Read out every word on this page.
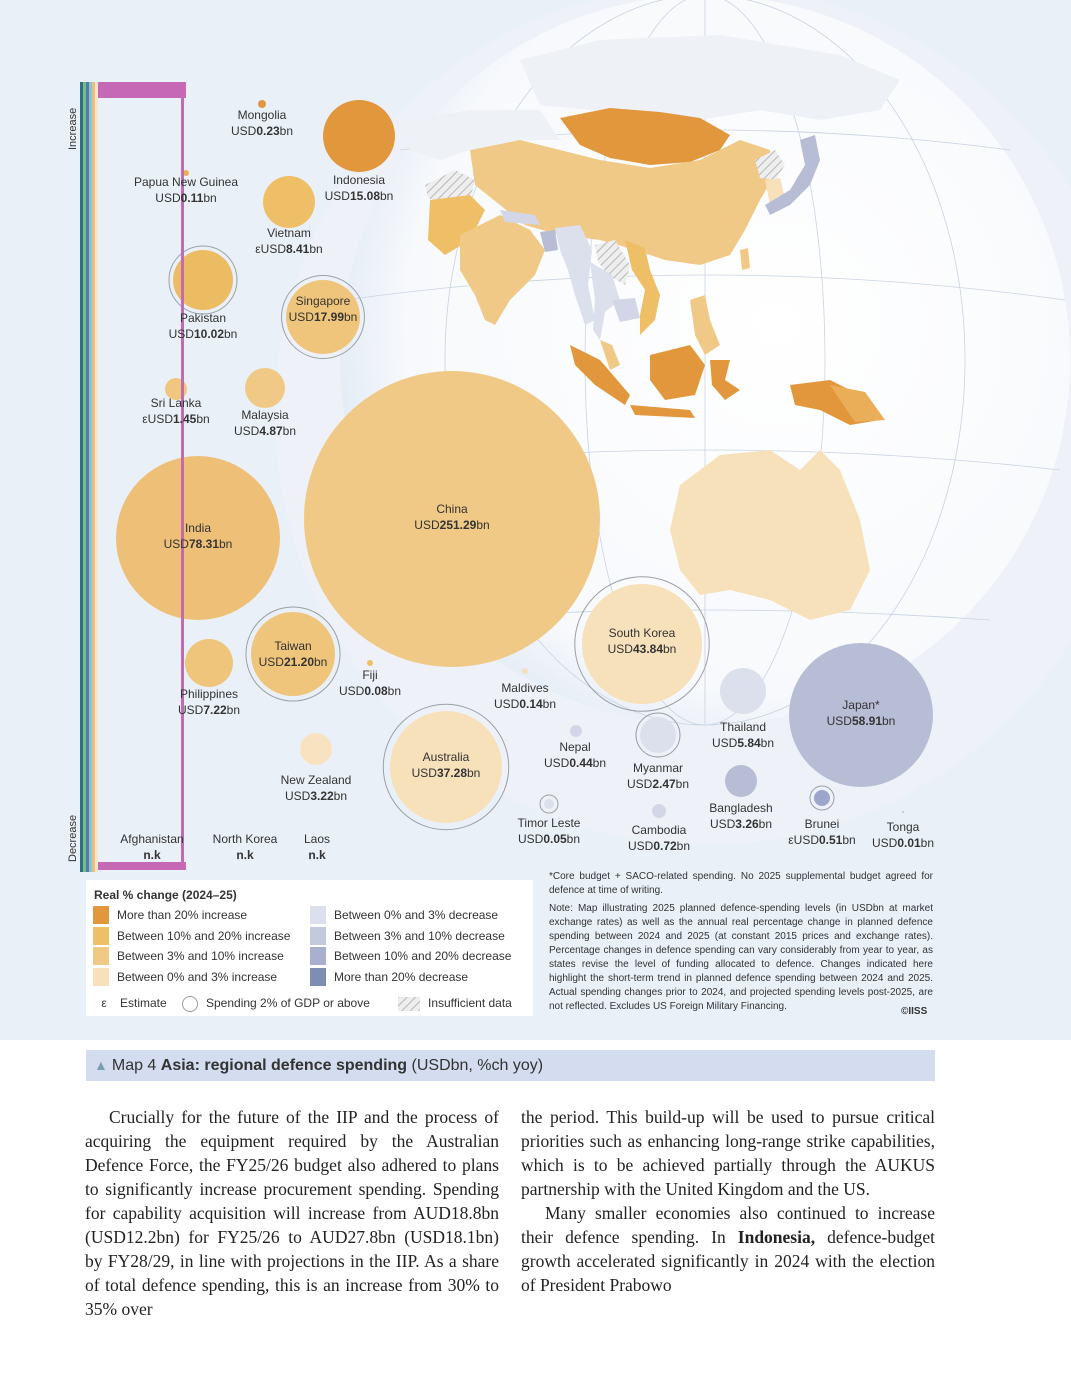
Increase
Decrease
Mongolia
USD0.23bn
Indonesia
USD15.08bn
Papua New Guinea
USD0.11bn
Vietnam
εUSD8.41bn
Pakistan
USD10.02bn
Singapore
USD17.99bn
Sri Lanka
εUSD1.45bn	Malaysia
USD4.87bn
China
USD251.29bn
India
USD78.31bn
Taiwan
USD21.20bn
Philippines
USD7.22bn
Fiji
USD0.08bn	Maldives
USD0.14bn
South Korea
USD43.84bn
Australia
USD37.28bn
New Zealand
USD3.22bn
Nepal
USD0.44bn	Myanmar
USD2.47bn
Thailand
USD5.84bn
Japan*
USD58.91bn
Timor Leste
USD0.05bn
Cambodia
USD0.72bn
Bangladesh
USD3.26bn	Brunei
εUSD0.51bn
Tonga
USD0.01bn
Afghanistan
n.k
North Korea
n.k
Laos
n.k
Real % change (2024–25)
More than 20% increase
Between 10% and 20% increase
Between 3% and 10% increase
Between 0% and 3% increase
Between 0% and 3% decrease
Between 3% and 10% decrease
Between 10% and 20% decrease
More than 20% decrease
ε Estimate	Spending 2% of GDP or above	Insufficient data

*Core budget + SACO-related spending. No 2025 supplemental budget agreed for defence at time of writing.

Note: Map illustrating 2025 planned defence-spending levels (in USDbn at market exchange rates) as well as the annual real percentage change in planned defence spending between 2024 and 2025 (at constant 2015 prices and exchange rates). Percentage changes in defence spending can vary considerably from year to year, as states revise the level of funding allocated to defence. Changes indicated here highlight the short-term trend in planned defence spending between 2024 and 2025. Actual spending changes prior to 2024, and projected spending levels post-2025, are not reflected. Excludes US Foreign Military Financing.	©IISS
▲ Map 4 Asia: regional defence spending (USDbn, %ch yoy)

Crucially for the future of the IIP and the process of acquiring the equipment required by the Australian Defence Force, the FY25/26 budget also adhered to plans to significantly increase procurement spending. Spending for capability acquisition will increase from AUD18.8bn (USD12.2bn) for FY25/26 to AUD27.8bn (USD18.1bn) by FY28/29, in line with projections in the IIP. As a share of total defence spending, this is an increase from 30% to 35% over

the period. This build-up will be used to pursue critical priorities such as enhancing long-range strike capabilities, which is to be achieved partially through the AUKUS partnership with the United Kingdom and the US.

Many smaller economies also continued to increase their defence spending. In Indonesia, defence-budget growth accelerated significantly in 2024 with the election of President Prabowo
